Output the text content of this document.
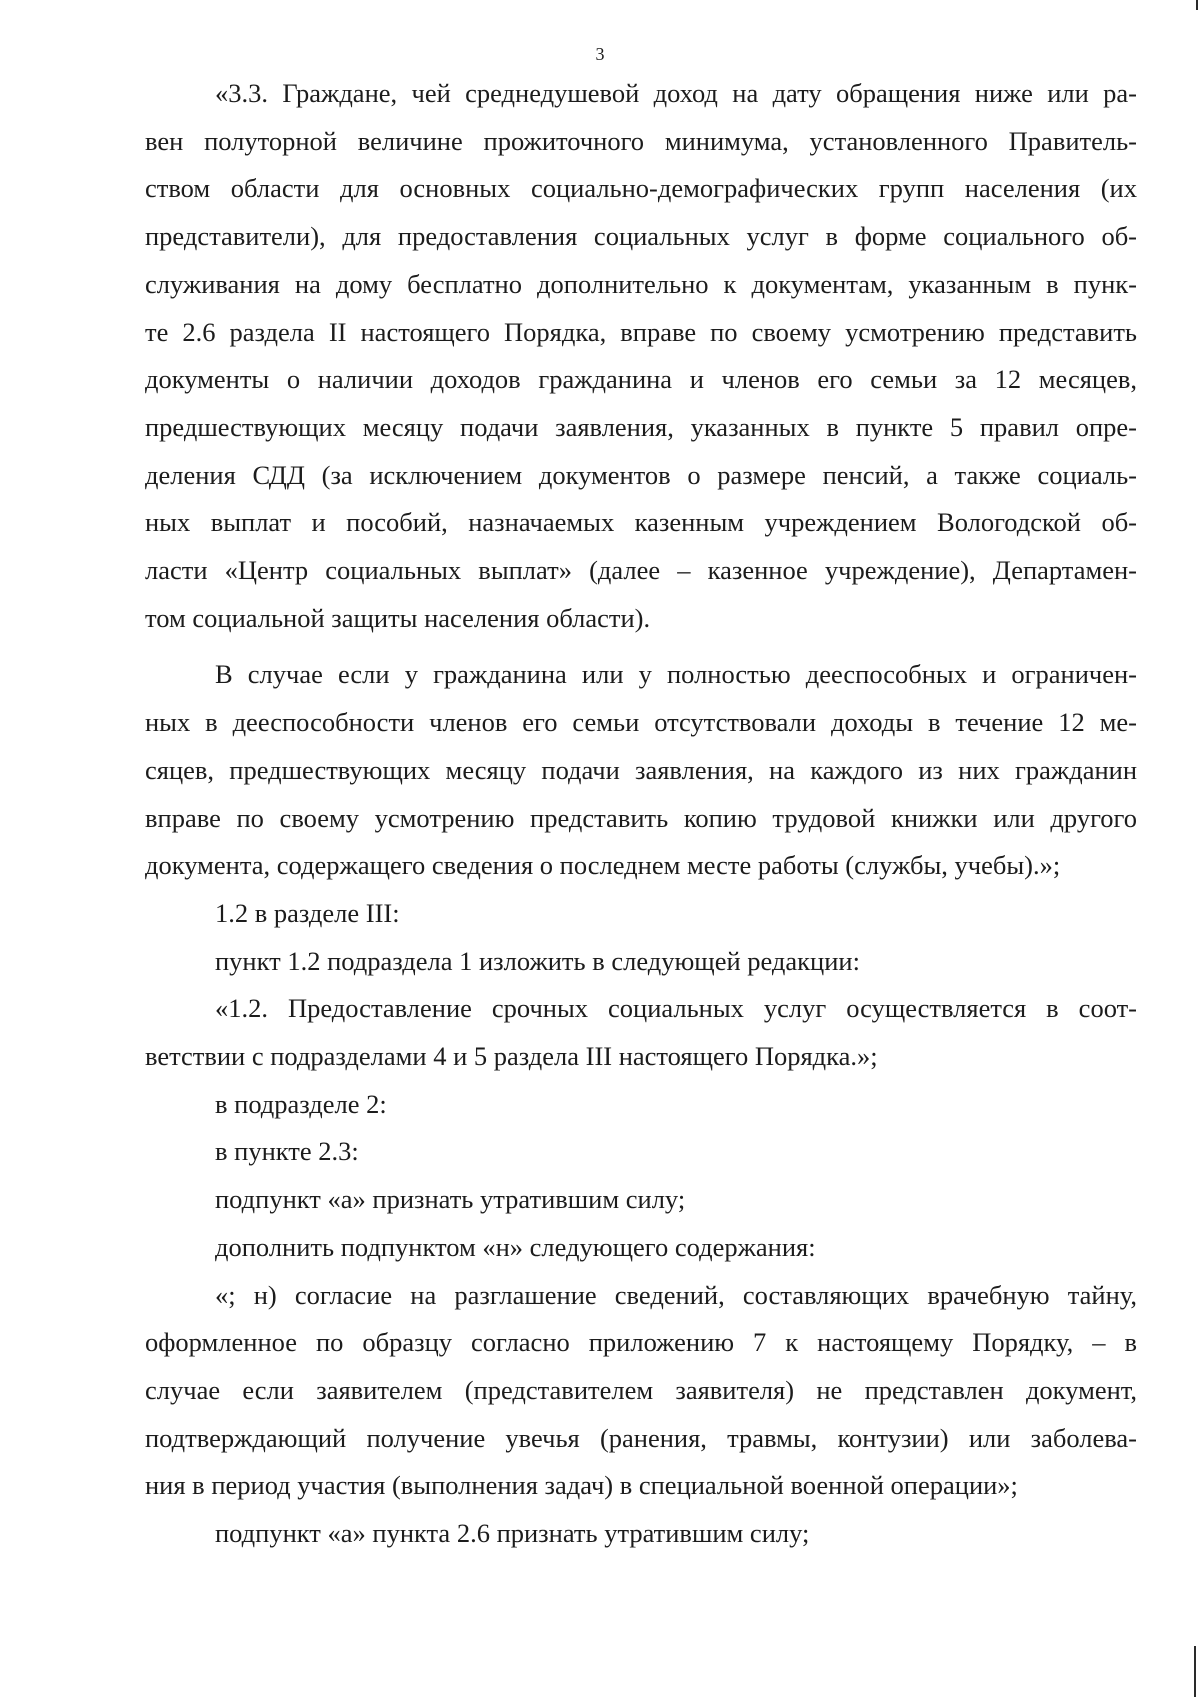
3
«3.3. Граждане, чей среднедушевой доход на дату обращения ниже или ра-
вен полуторной величине прожиточного минимума, установленного Правитель-
ством области для основных социально-демографических групп населения (их
представители), для предоставления социальных услуг в форме социального об-
служивания на дому бесплатно дополнительно к документам, указанным в пунк-
те 2.6 раздела II настоящего Порядка, вправе по своему усмотрению представить
документы о наличии доходов гражданина и членов его семьи за 12 месяцев,
предшествующих месяцу подачи заявления, указанных в пункте 5 правил опре-
деления СДД (за исключением документов о размере пенсий, а также социаль-
ных выплат и пособий, назначаемых казенным учреждением Вологодской об-
ласти «Центр социальных выплат» (далее – казенное учреждение), Департамен-
том социальной защиты населения области).
В случае если у гражданина или у полностью дееспособных и ограничен-
ных в дееспособности членов его семьи отсутствовали доходы в течение 12 ме-
сяцев, предшествующих месяцу подачи заявления, на каждого из них гражданин
вправе по своему усмотрению представить копию трудовой книжки или другого
документа, содержащего сведения о последнем месте работы (службы, учебы).»;
1.2 в разделе III:
пункт 1.2 подраздела 1 изложить в следующей редакции:
«1.2. Предоставление срочных социальных услуг осуществляется в соот-
ветствии с подразделами 4 и 5 раздела III настоящего Порядка.»;
в подразделе 2:
в пункте 2.3:
подпункт «а» признать утратившим силу;
дополнить подпунктом «н» следующего содержания:
«; н) согласие на разглашение сведений, составляющих врачебную тайну,
оформленное по образцу согласно приложению 7 к настоящему Порядку, – в
случае если заявителем (представителем заявителя) не представлен документ,
подтверждающий получение увечья (ранения, травмы, контузии) или заболева-
ния в период участия (выполнения задач) в специальной военной операции»;
подпункт «а» пункта 2.6 признать утратившим силу;
